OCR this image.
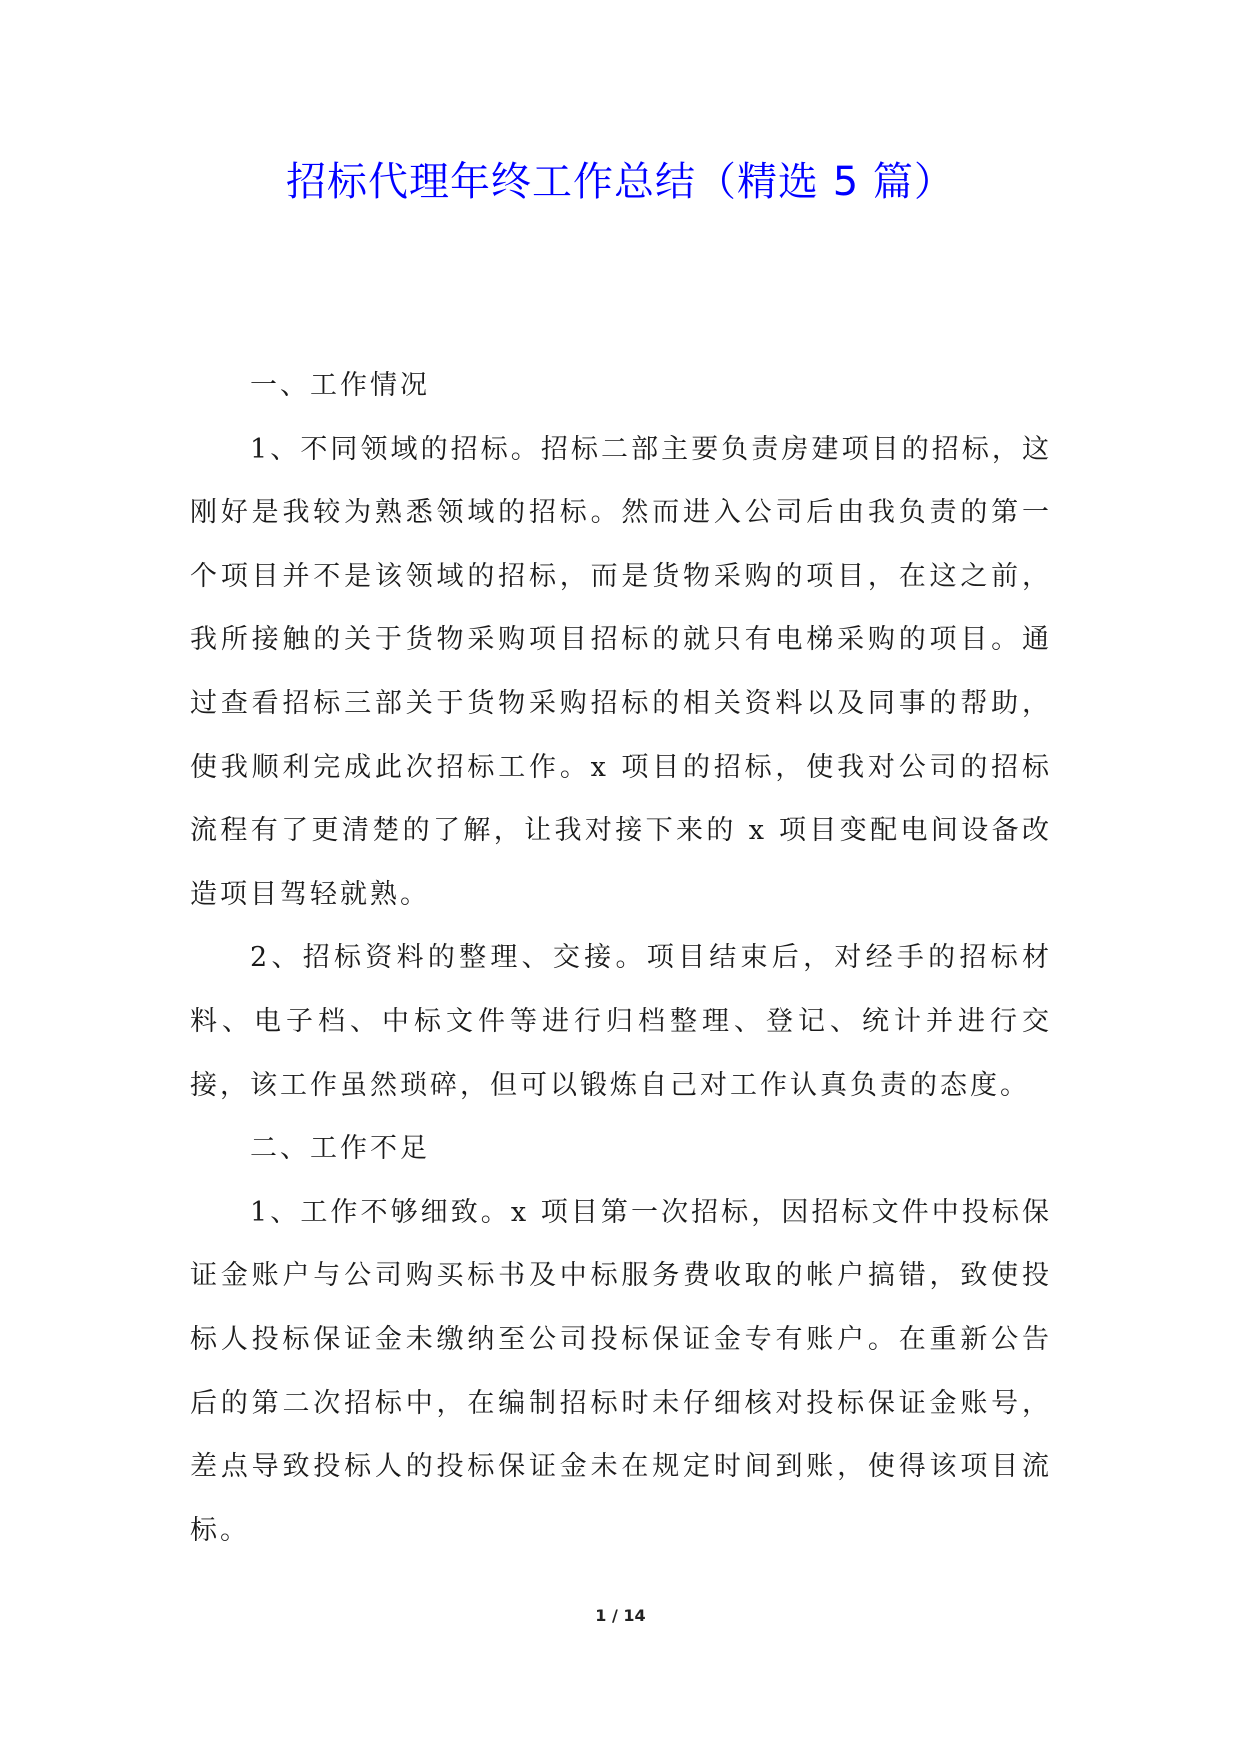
招标代理年终工作总结（精选 5 篇）

一、工作情况

1、不同领域的招标。招标二部主要负责房建项目的招标，这刚好是我较为熟悉领域的招标。然而进入公司后由我负责的第一个项目并不是该领域的招标，而是货物采购的项目，在这之前，我所接触的关于货物采购项目招标的就只有电梯采购的项目。通过查看招标三部关于货物采购招标的相关资料以及同事的帮助，使我顺利完成此次招标工作。x 项目的招标，使我对公司的招标流程有了更清楚的了解，让我对接下来的 x 项目变配电间设备改造项目驾轻就熟。

2、招标资料的整理、交接。项目结束后，对经手的招标材料、电子档、中标文件等进行归档整理、登记、统计并进行交接，该工作虽然琐碎，但可以锻炼自己对工作认真负责的态度。

二、工作不足

1、工作不够细致。x 项目第一次招标，因招标文件中投标保证金账户与公司购买标书及中标服务费收取的帐户搞错，致使投标人投标保证金未缴纳至公司投标保证金专有账户。在重新公告后的第二次招标中，在编制招标时未仔细核对投标保证金账号，差点导致投标人的投标保证金未在规定时间到账，使得该项目流标。

1 / 14
